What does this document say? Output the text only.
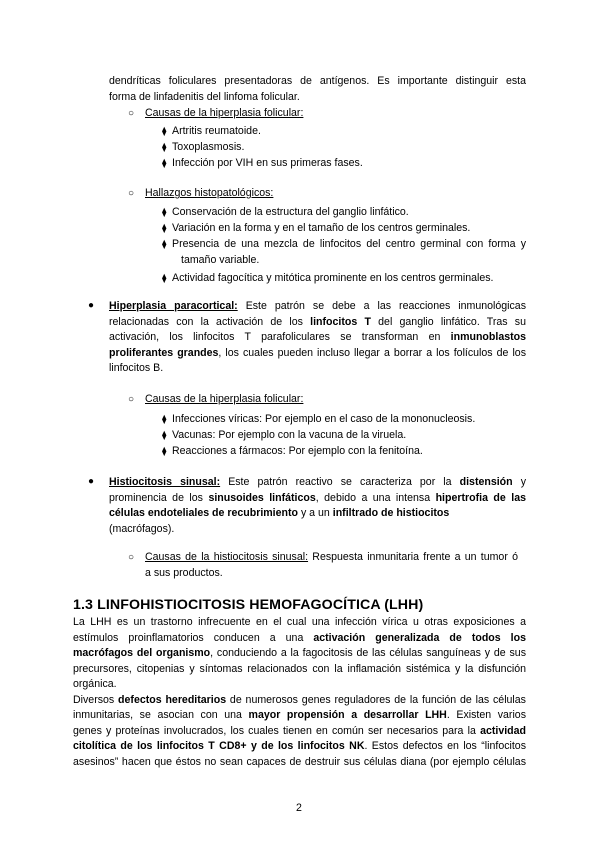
dendríticas foliculares presentadoras de antígenos. Es importante distinguir esta
forma de linfadenitis del linfoma folicular.
○ Causas de la hiperplasia folicular:
⧫ Artritis reumatoide.
⧫ Toxoplasmosis.
⧫ Infección por VIH en sus primeras fases.
○ Hallazgos histopatológicos:
⧫ Conservación de la estructura del ganglio linfático.
⧫ Variación en la forma y en el tamaño de los centros germinales.
⧫ Presencia de una mezcla de linfocitos del centro germinal con forma y
tamaño variable.
⧫ Actividad fagocítica y mitótica prominente en los centros germinales.
● Hiperplasia paracortical: Este patrón se debe a las reacciones inmunológicas
relacionadas con la activación de los linfocitos T del ganglio linfático. Tras su
activación, los linfocitos T parafoliculares se transforman en inmunoblastos
proliferantes grandes, los cuales pueden incluso llegar a borrar a los folículos de los
linfocitos B.
○ Causas de la hiperplasia folicular:
⧫ Infecciones víricas: Por ejemplo en el caso de la mononucleosis.
⧫ Vacunas: Por ejemplo con la vacuna de la viruela.
⧫ Reacciones a fármacos: Por ejemplo con la fenitoína.
● Histiocitosis sinusal: Este patrón reactivo se caracteriza por la distensión y
prominencia de los sinusoides linfáticos, debido a una intensa hipertrofia de las
células endoteliales de recubrimiento y a un infiltrado de histiocitos
(macrófagos).
○ Causas de la histiocitosis sinusal: Respuesta inmunitaria frente a un tumor ó
a sus productos.
1.3 LINFOHISTIOCITOSIS HEMOFAGOCÍTICA (LHH)
La LHH es un trastorno infrecuente en el cual una infección vírica u otras exposiciones a
estímulos proinflamatorios conducen a una activación generalizada de todos los
macrófagos del organismo, conduciendo a la fagocitosis de las células sanguíneas y de sus
precursores, citopenias y síntomas relacionados con la inflamación sistémica y la disfunción
orgánica.
Diversos defectos hereditarios de numerosos genes reguladores de la función de las células
inmunitarias, se asocian con una mayor propensión a desarrollar LHH. Existen varios
genes y proteínas involucrados, los cuales tienen en común ser necesarios para la actividad
citolítica de los linfocitos T CD8+ y de los linfocitos NK. Estos defectos en los “linfocitos
asesinos” hacen que éstos no sean capaces de destruir sus células diana (por ejemplo células
2
